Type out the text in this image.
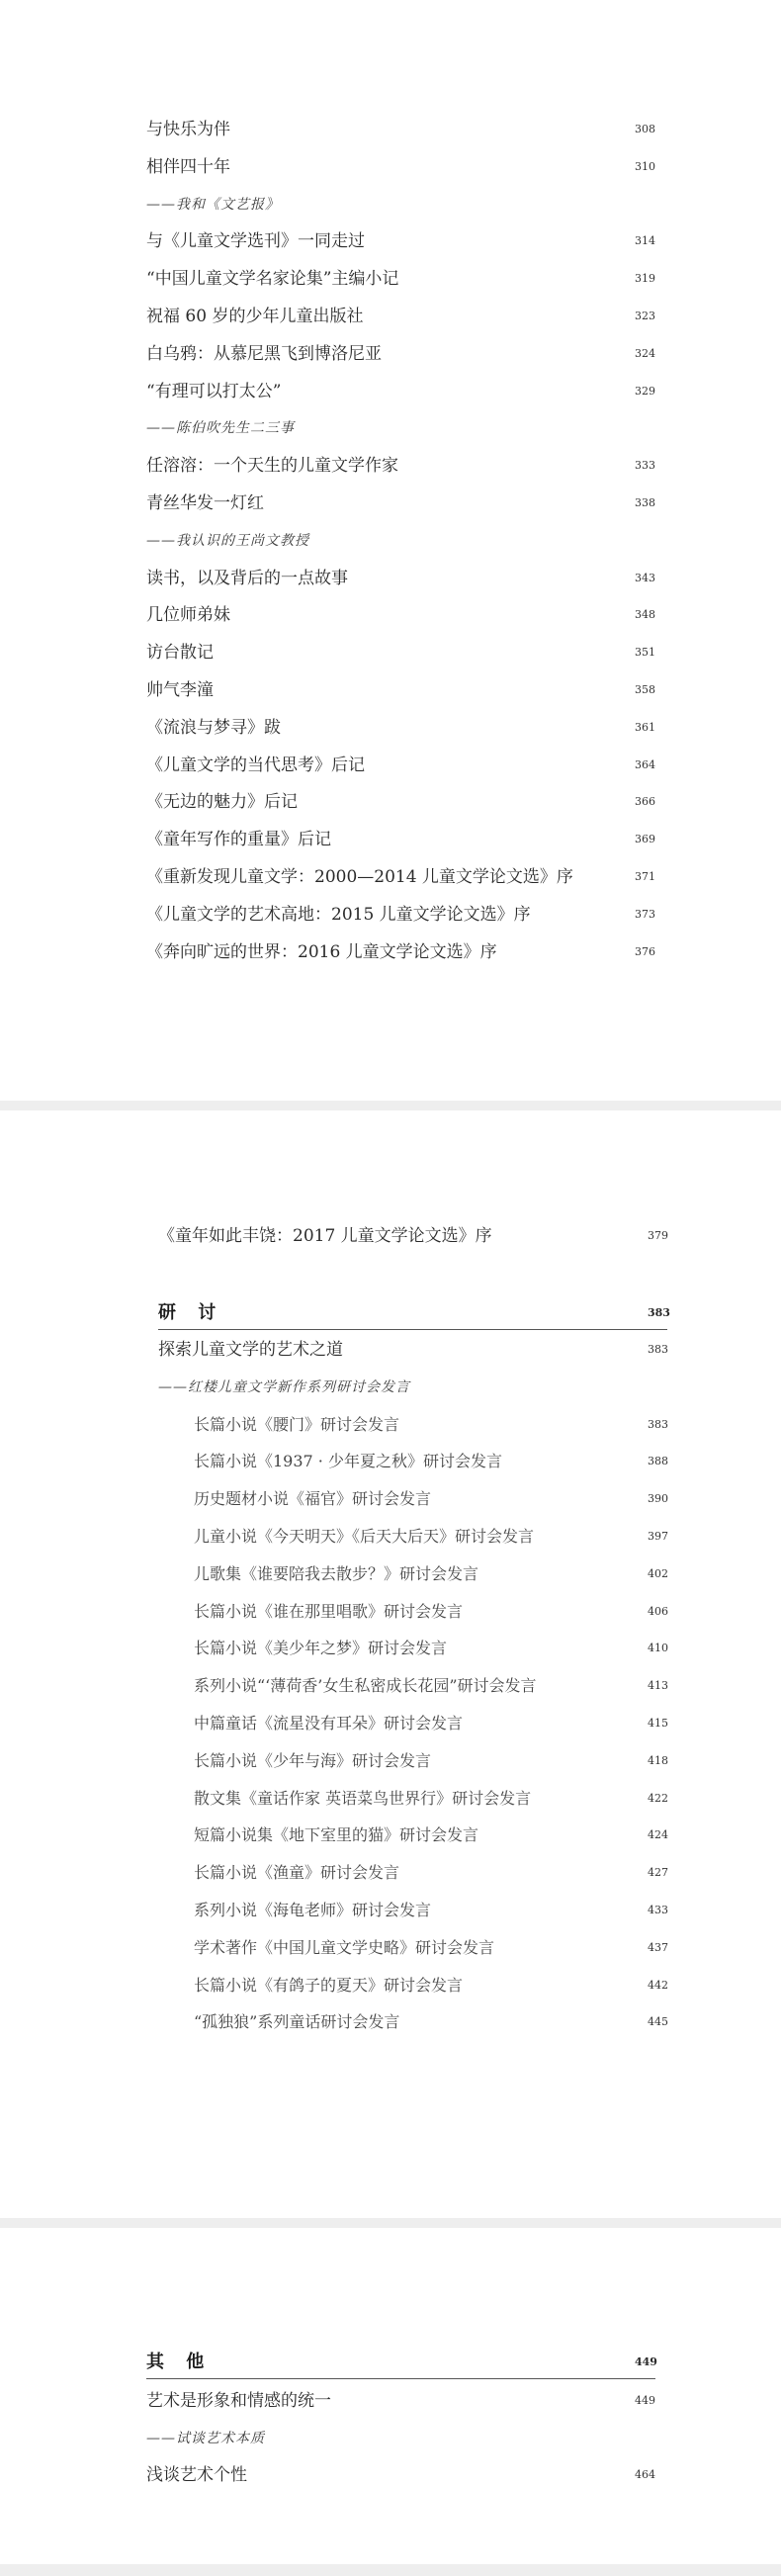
与快乐为伴	308
相伴四十年	310
——我和《文艺报》
与《儿童文学选刊》一同走过	314
“中国儿童文学名家论集”主编小记	319
祝福 60 岁的少年儿童出版社	323
白乌鸦：从慕尼黑飞到博洛尼亚	324
“有理可以打太公”	329
——陈伯吹先生二三事
任溶溶：一个天生的儿童文学作家	333
青丝华发一灯红	338
——我认识的王尚文教授
读书，以及背后的一点故事	343
几位师弟妹	348
访台散记	351
帅气李潼	358
《流浪与梦寻》跋	361
《儿童文学的当代思考》后记	364
《无边的魅力》后记	366
《童年写作的重量》后记	369
《重新发现儿童文学：2000—2014 儿童文学论文选》序	371
《儿童文学的艺术高地：2015 儿童文学论文选》序	373
《奔向旷远的世界：2016 儿童文学论文选》序	376
《童年如此丰饶：2017 儿童文学论文选》序	379
研 讨	383
探索儿童文学的艺术之道	383
——红楼儿童文学新作系列研讨会发言
长篇小说《腰门》研讨会发言	383
长篇小说《1937 · 少年夏之秋》研讨会发言	388
历史题材小说《福官》研讨会发言	390
儿童小说《今天明天》《后天大后天》研讨会发言	397
儿歌集《谁要陪我去散步？》研讨会发言	402
长篇小说《谁在那里唱歌》研讨会发言	406
长篇小说《美少年之梦》研讨会发言	410
系列小说“‘薄荷香’女生私密成长花园”研讨会发言	413
中篇童话《流星没有耳朵》研讨会发言	415
长篇小说《少年与海》研讨会发言	418
散文集《童话作家 英语菜鸟世界行》研讨会发言	422
短篇小说集《地下室里的猫》研讨会发言	424
长篇小说《渔童》研讨会发言	427
系列小说《海龟老师》研讨会发言	433
学术著作《中国儿童文学史略》研讨会发言	437
长篇小说《有鸽子的夏天》研讨会发言	442
“孤独狼”系列童话研讨会发言	445
其 他	449
艺术是形象和情感的统一	449
——试谈艺术本质
浅谈艺术个性	464
